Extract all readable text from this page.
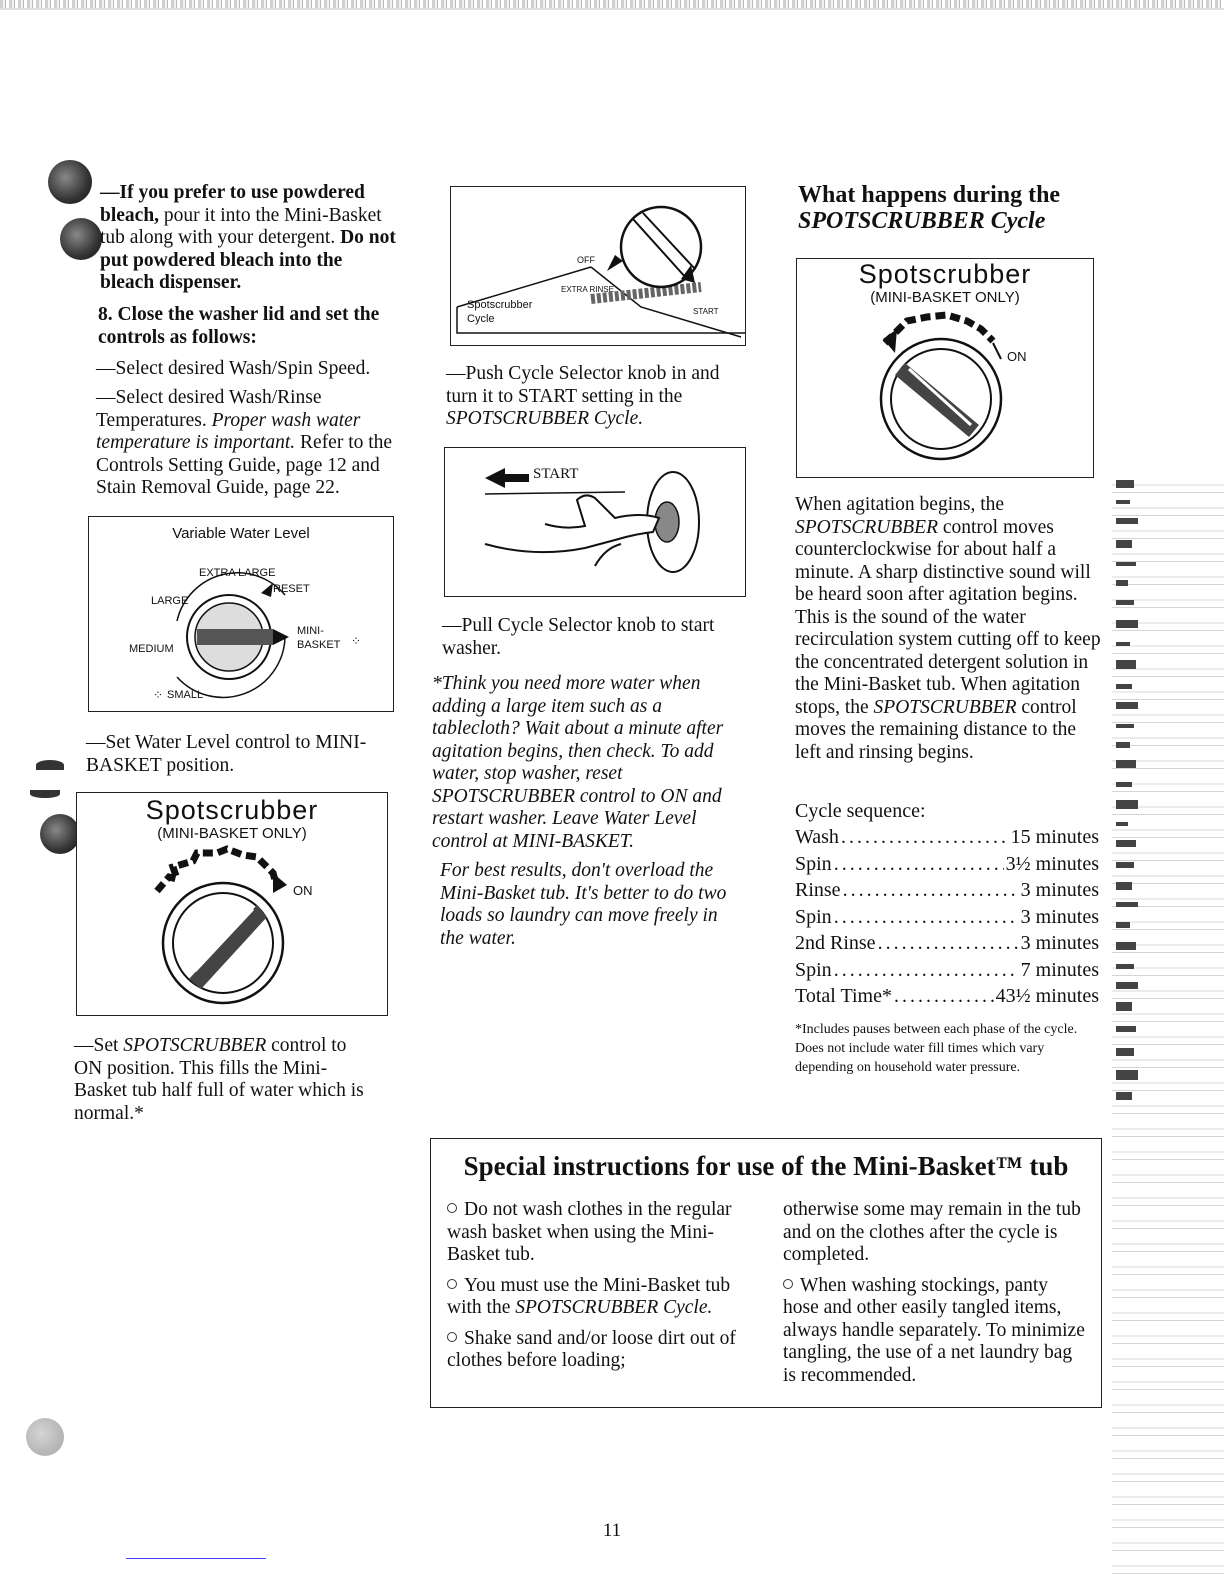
—If you prefer to use powdered bleach, pour it into the Mini-Basket tub along with your detergent. Do not put powdered bleach into the bleach dispenser.

8. Close the washer lid and set the controls as follows:

—Select desired Wash/Spin Speed.

—Select desired Wash/Rinse Temperatures. Proper wash water temperature is important. Refer to the Controls Setting Guide, page 12 and Stain Removal Guide, page 22.

Variable Water Level
EXTRA LARGE
RESET
LARGE
MEDIUM
MINI-
BASKET
SMALL
⁘
⁘

—Set Water Level control to MINI-BASKET position.

Spotscrubber
(MINI-BASKET ONLY)
ON

—Set SPOTSCRUBBER control to ON position. This fills the Mini-Basket tub half full of water which is normal.*

OFF
EXTRA RINSE
START
Spotscrubber
Cycle

—Push Cycle Selector knob in and turn it to START setting in the SPOTSCRUBBER Cycle.

START

—Pull Cycle Selector knob to start washer.

*Think you need more water when adding a large item such as a tablecloth? Wait about a minute after agitation begins, then check. To add water, stop washer, reset SPOTSCRUBBER control to ON and restart washer. Leave Water Level control at MINI-BASKET.

For best results, don't overload the Mini-Basket tub. It's better to do two loads so laundry can move freely in the water.

What happens during the
SPOTSCRUBBER Cycle
Spotscrubber
(MINI-BASKET ONLY)
ON

When agitation begins, the SPOTSCRUBBER control moves counterclockwise for about half a minute. A sharp distinctive sound will be heard soon after agitation begins. This is the sound of the water recirculation system cutting off to keep the concentrated detergent solution in the Mini-Basket tub. When agitation stops, the SPOTSCRUBBER control moves the remaining distance to the left and rinsing begins.

Cycle sequence:

Wash .....	15 minutes
Spin .....	3½ minutes
Rinse .....	3 minutes
Spin .....	3 minutes
2nd Rinse .....	3 minutes
Spin .....	7 minutes
Total Time* .....	43½ minutes

*Includes pauses between each phase of the cycle. Does not include water fill times which vary depending on household water pressure.

Special instructions for use of the Mini-Basket™ tub

Do not wash clothes in the regular wash basket when using the Mini-Basket tub.

You must use the Mini-Basket tub with the SPOTSCRUBBER Cycle.

Shake sand and/or loose dirt out of clothes before loading;

otherwise some may remain in the tub and on the clothes after the cycle is completed.

When washing stockings, panty hose and other easily tangled items, always handle separately. To minimize tangling, the use of a net laundry bag is recommended.

11
